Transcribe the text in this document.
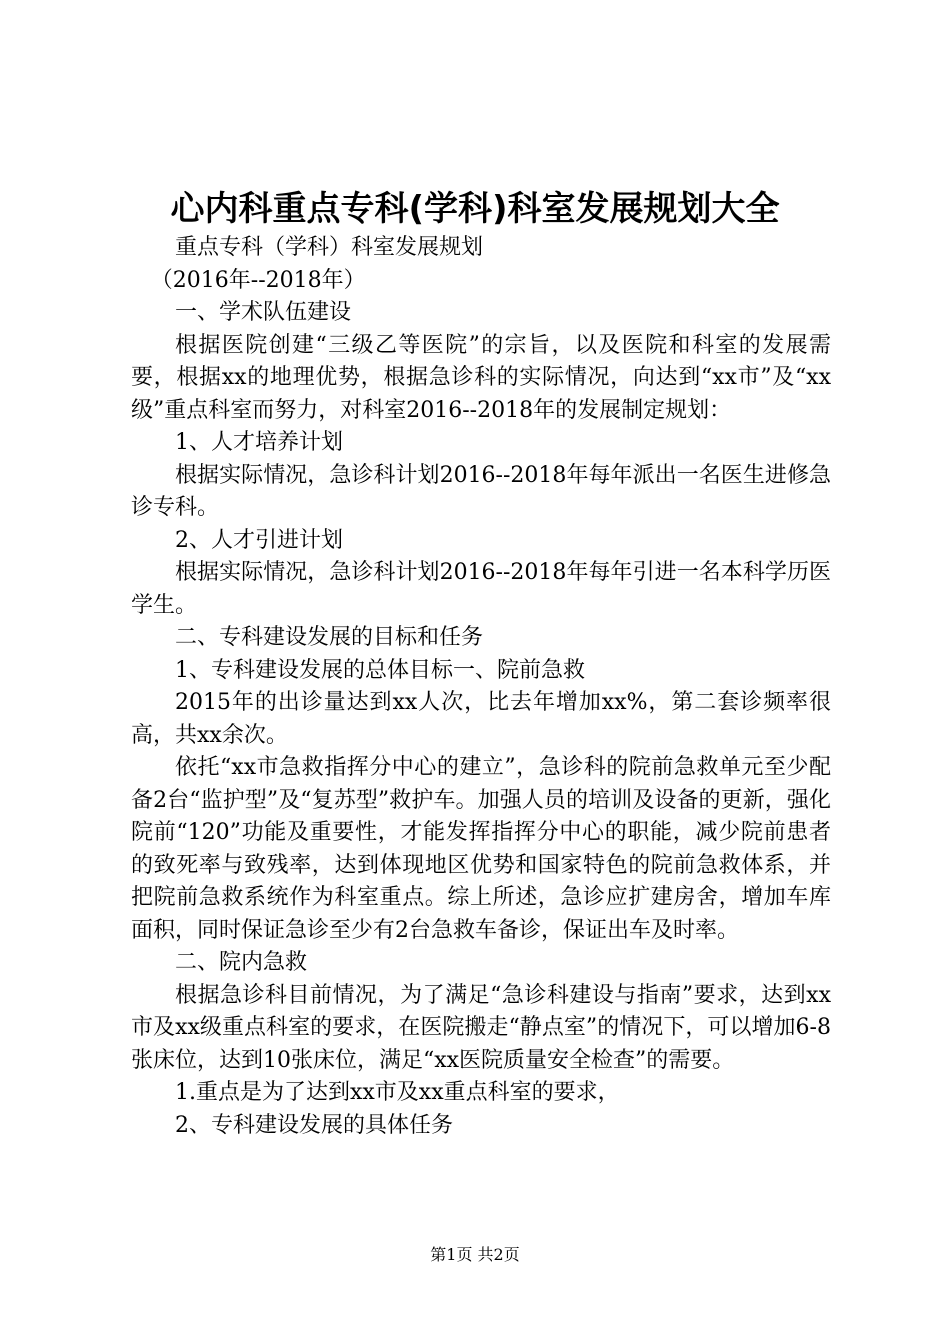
心内科重点专科(学科)科室发展规划大全

重点专科（学科）科室发展规划

（2016年--2018年）

一、学术队伍建设

根据医院创建“三级乙等医院”的宗旨，以及医院和科室的发展需要，根据xx的地理优势，根据急诊科的实际情况，向达到“xx市”及“xx级”重点科室而努力，对科室2016--2018年的发展制定规划：

1、人才培养计划

根据实际情况，急诊科计划2016--2018年每年派出一名医生进修急诊专科。

2、人才引进计划

根据实际情况，急诊科计划2016--2018年每年引进一名本科学历医学生。

二、专科建设发展的目标和任务

1、专科建设发展的总体目标一、院前急救

2015年的出诊量达到xx人次，比去年增加xx%，第二套诊频率很高，共xx余次。

依托“xx市急救指挥分中心的建立”，急诊科的院前急救单元至少配备2台“监护型”及“复苏型”救护车。加强人员的培训及设备的更新，强化院前“120”功能及重要性，才能发挥指挥分中心的职能，减少院前患者的致死率与致残率，达到体现地区优势和国家特色的院前急救体系，并把院前急救系统作为科室重点。综上所述，急诊应扩建房舍，增加车库面积，同时保证急诊至少有2台急救车备诊，保证出车及时率。

二、院内急救

根据急诊科目前情况，为了满足“急诊科建设与指南”要求，达到xx市及xx级重点科室的要求，在医院搬走“静点室”的情况下，可以增加6-8张床位，达到10张床位，满足“xx医院质量安全检查”的需要。

1.重点是为了达到xx市及xx重点科室的要求，

2、专科建设发展的具体任务

第1页 共2页
